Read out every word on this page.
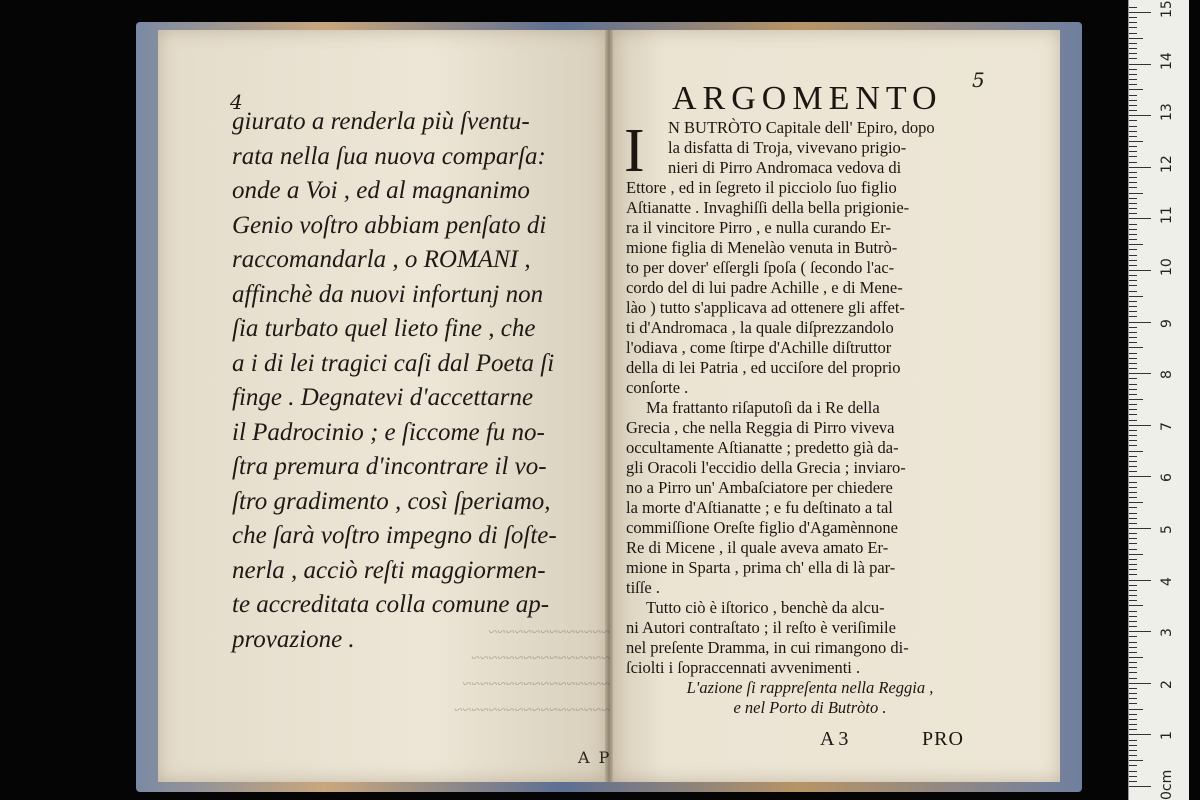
4
giurato a renderla più ſventu-
rata nella ſua nuova comparſa:
onde a Voi , ed al magnanimo
Genio voſtro abbiam penſato di
raccomandarla , o ROMANI ,
affinchè da nuovi infortunj non
ſia turbato quel lieto fine , che
a i di lei tragici caſi dal Poeta ſi
finge . Degnatevi d'accettarne
il Padrocinio ; e ſiccome fu no-
ſtra premura d'incontrare il vo-
ſtro gradimento , così ſperiamo,
che ſarà voſtro impegno di ſoſte-
nerla , acciò reſti maggiormen-
te accreditata colla comune ap-
provazione .	~~~~~~~~~~~~~~
~~~~~~~~~~~~~~~~
~~~~~~~~~~~~~~~~~
~~~~~~~~~~~~~~~~~~
A P
5
ARGOMENTO
I	N BUTRÒTO Capitale dell' Epiro, dopo
la disfatta di Troja, vivevano prigio-
nieri di Pirro Andromaca vedova di
Ettore , ed in ſegreto il picciolo ſuo figlio
Aſtianatte . Invaghiſſi della bella prigionie-
ra il vincitore Pirro , e nulla curando Er-
mione figlia di Menelào venuta in Butrò-
to per dover' eſſergli ſpoſa ( ſecondo l'ac-
cordo del di lui padre Achille , e di Mene-
lào ) tutto s'applicava ad ottenere gli affet-
ti d'Andromaca , la quale diſprezzandolo
l'odiava , come ſtirpe d'Achille diſtruttor
della di lei Patria , ed ucciſore del proprio
conſorte .
Ma frattanto riſaputoſi da i Re della
Grecia , che nella Reggia di Pirro viveva
occultamente Aſtianatte ; predetto già da-
gli Oracoli l'eccidio della Grecia ; inviaro-
no a Pirro un' Ambaſciatore per chiedere
la morte d'Aſtianatte ; e fu deſtinato a tal
commiſſione Oreſte figlio d'Agamènnone
Re di Micene , il quale aveva amato Er-
mione in Sparta , prima ch' ella di là par-
tiſſe .
Tutto ciò è iſtorico , benchè da alcu-
ni Autori contraſtato ; il reſto è veriſimile
nel preſente Dramma, in cui rimangono di-
ſciolti i ſopraccennati avvenimenti .
L'azione ſi rappreſenta nella Reggia ,
e nel Porto di Butròto .
A 3	PRO
0cm
1
2
3
4
5
6
7
8
9
10
11
12
13
14
15
